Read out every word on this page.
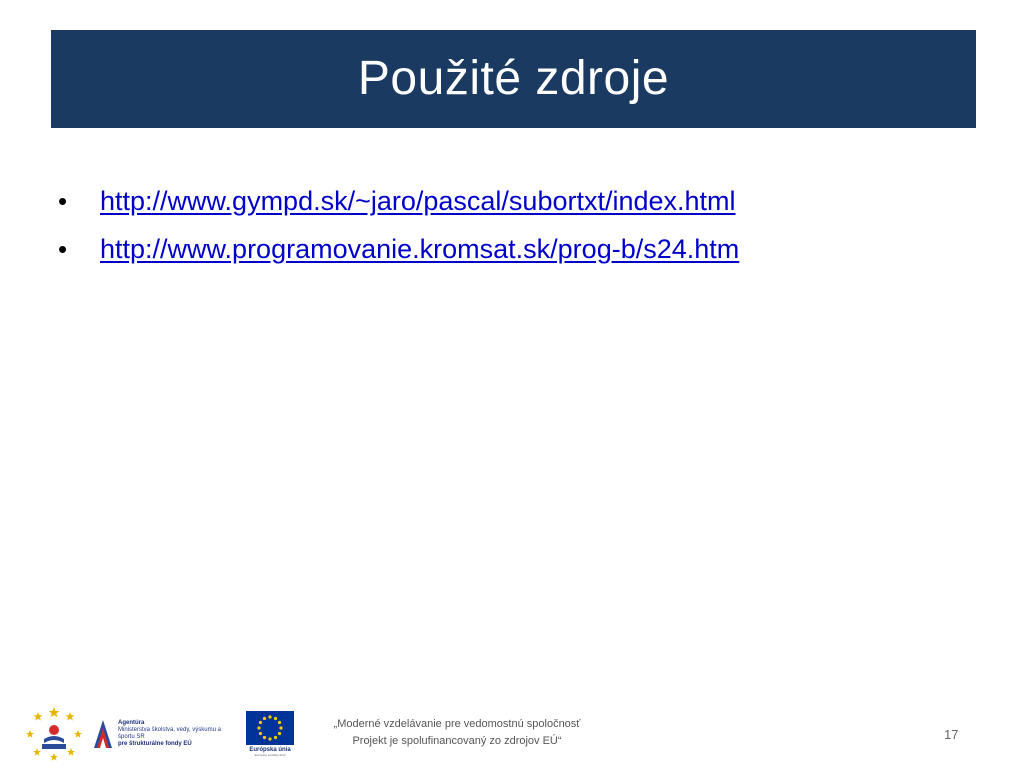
Použité zdroje
•	http://www.gympd.sk/~jaro/pascal/subortxt/index.html
•	http://www.programovanie.kromsat.sk/prog-b/s24.htm
Agentúra
Ministerstva školstva, vedy, výskumu a športu SR
pre štrukturálne fondy EÚ
Európska únia
Európsky sociálny fond
„Moderné vzdelávanie pre vedomostnú spoločnosť
Projekt je spolufinancovaný zo zdrojov EÚ“	17
